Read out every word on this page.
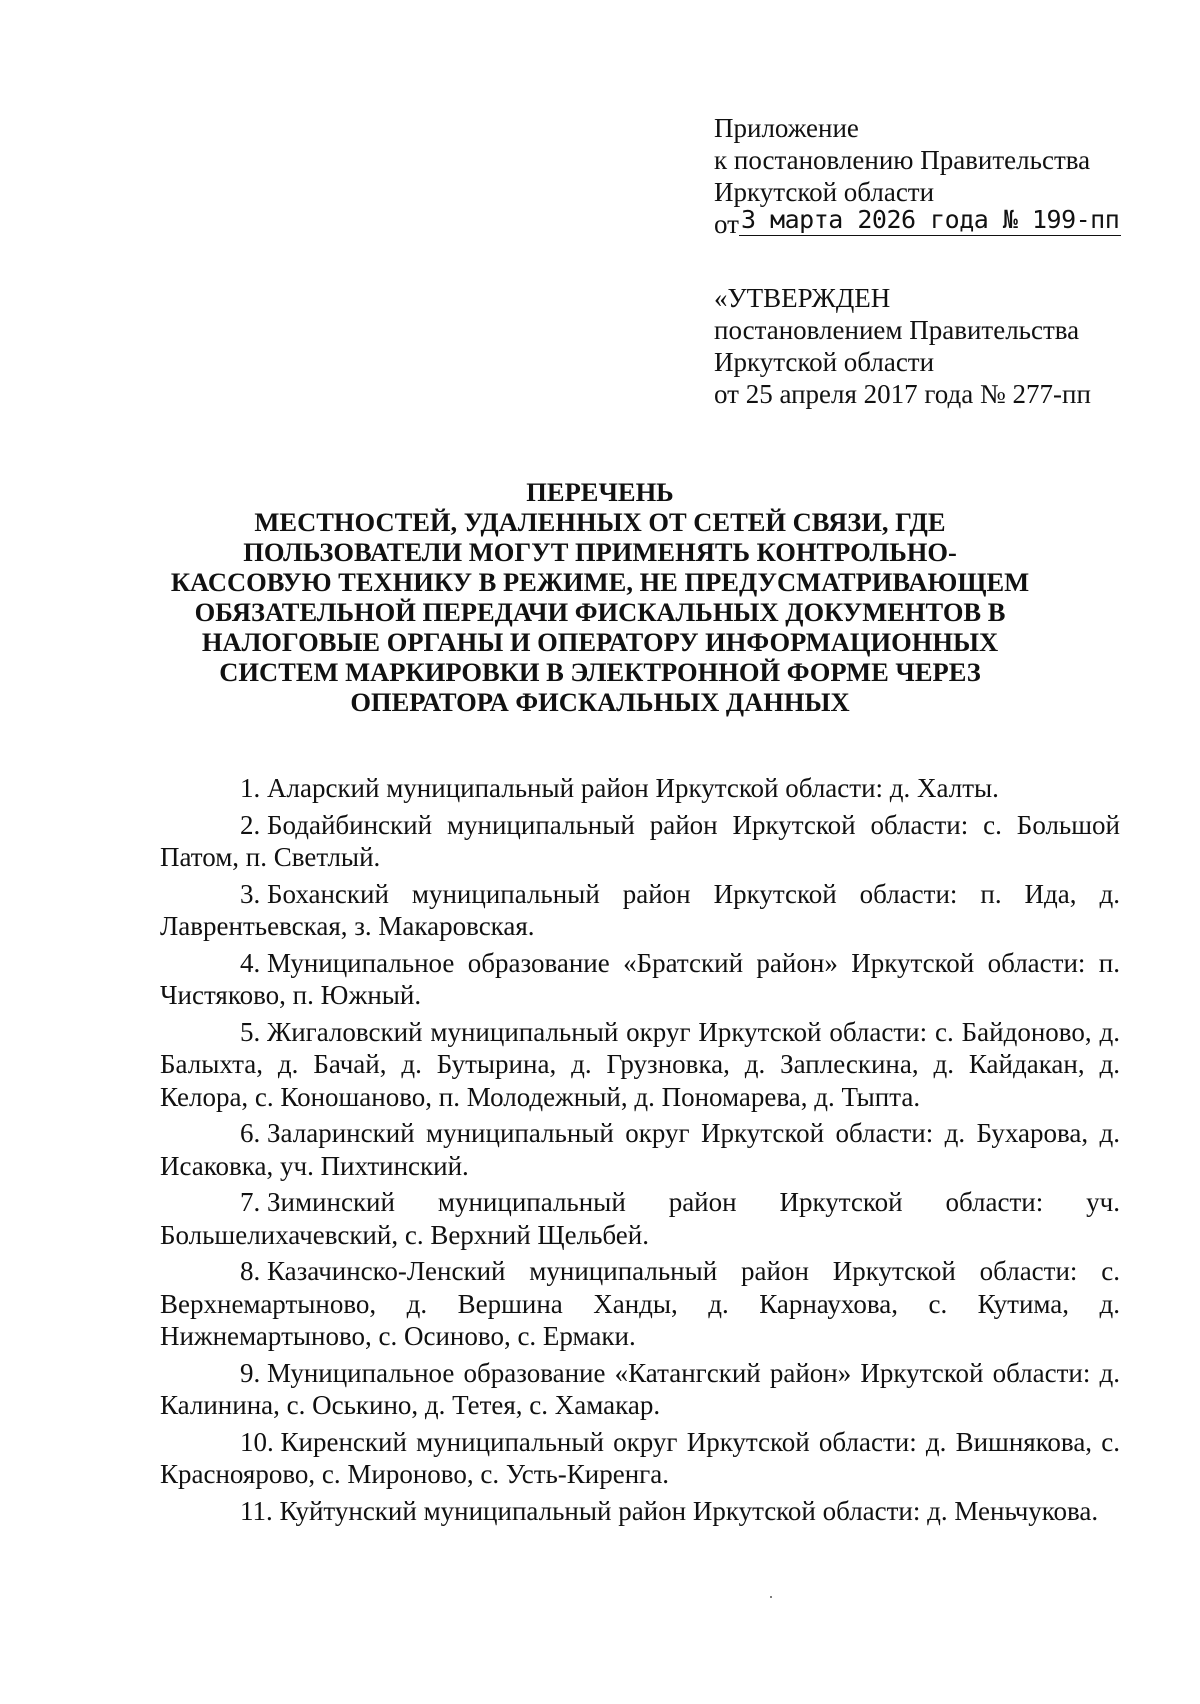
Приложение
к постановлению Правительства
Иркутской области
от 3 марта 2026 года № 199-пп
«УТВЕРЖДЕН
постановлением Правительства
Иркутской области
от 25 апреля 2017 года № 277-пп
ПЕРЕЧЕНЬ
МЕСТНОСТЕЙ, УДАЛЕННЫХ ОТ СЕТЕЙ СВЯЗИ, ГДЕ
ПОЛЬЗОВАТЕЛИ МОГУТ ПРИМЕНЯТЬ КОНТРОЛЬНО-
КАССОВУЮ ТЕХНИКУ В РЕЖИМЕ, НЕ ПРЕДУСМАТРИВАЮЩЕМ
ОБЯЗАТЕЛЬНОЙ ПЕРЕДАЧИ ФИСКАЛЬНЫХ ДОКУМЕНТОВ В
НАЛОГОВЫЕ ОРГАНЫ И ОПЕРАТОРУ ИНФОРМАЦИОННЫХ
СИСТЕМ МАРКИРОВКИ В ЭЛЕКТРОННОЙ ФОРМЕ ЧЕРЕЗ
ОПЕРАТОРА ФИСКАЛЬНЫХ ДАННЫХ
1. Аларский муниципальный район Иркутской области: д. Халты.
2. Бодайбинский муниципальный район Иркутской области: с. Большой Патом, п. Светлый.
3. Боханский муниципальный район Иркутской области: п. Ида, д. Лаврентьевская, з. Макаровская.
4. Муниципальное образование «Братский район» Иркутской области: п. Чистяково, п. Южный.
5. Жигаловский муниципальный округ Иркутской области: с. Байдоново, д. Балыхта, д. Бачай, д. Бутырина, д. Грузновка, д. Заплескина, д. Кайдакан, д. Келора, с. Коношаново, п. Молодежный, д. Пономарева, д. Тыпта.
6. Заларинский муниципальный округ Иркутской области: д. Бухарова, д. Исаковка, уч. Пихтинский.
7. Зиминский муниципальный район Иркутской области: уч. Большелихачевский, с. Верхний Щельбей.
8. Казачинско-Ленский муниципальный район Иркутской области: с. Верхнемартыново, д. Вершина Ханды, д. Карнаухова, с. Кутима, д. Нижнемартыново, с. Осиново, с. Ермаки.
9. Муниципальное образование «Катангский район» Иркутской области: д. Калинина, с. Оськино, д. Тетея, с. Хамакар.
10. Киренский муниципальный округ Иркутской области: д. Вишнякова, с. Красноярово, с. Мироново, с. Усть-Киренга.
11. Куйтунский муниципальный район Иркутской области: д. Меньчукова.
